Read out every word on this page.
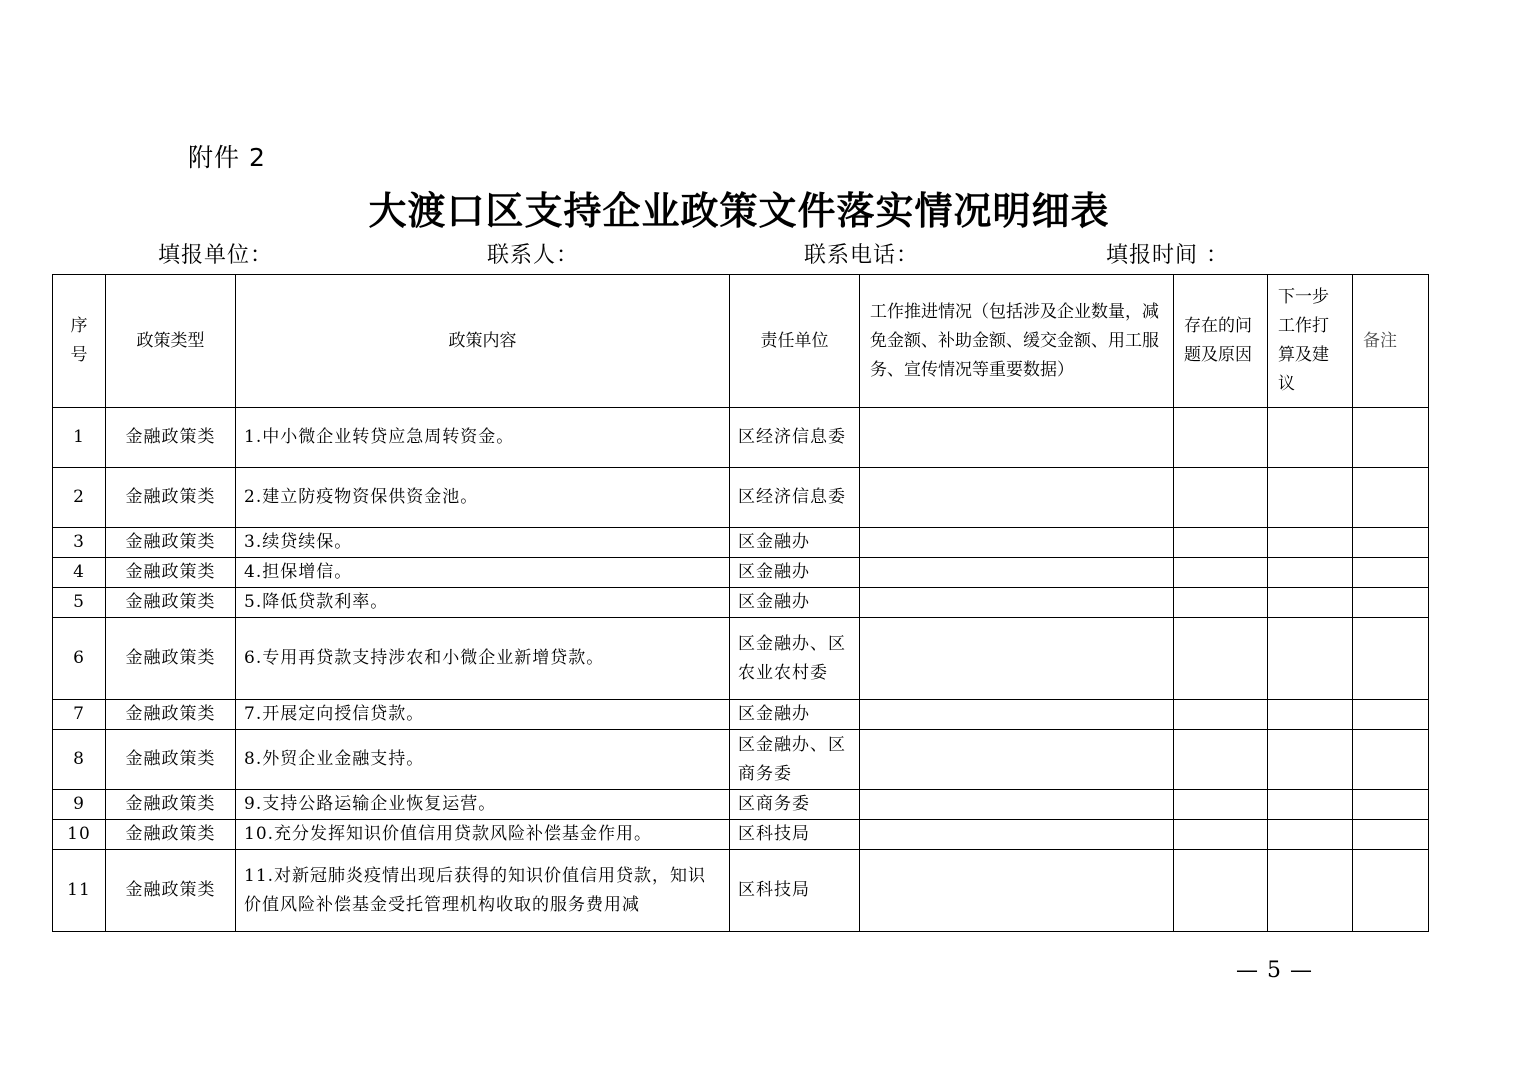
附件 2
大渡口区支持企业政策文件落实情况明细表
填报单位：	联系人：	联系电话：	填报时间 ：
序号	政策类型	政策内容	责任单位	工作推进情况（包括涉及企业数量，减免金额、补助金额、缓交金额、用工服务、宣传情况等重要数据）	存在的问题及原因	下一步工作打算及建议	备注
1	金融政策类	1.中小微企业转贷应急周转资金。	区经济信息委				
2	金融政策类	2.建立防疫物资保供资金池。	区经济信息委				
3	金融政策类	3.续贷续保。	区金融办				
4	金融政策类	4.担保增信。	区金融办				
5	金融政策类	5.降低贷款利率。	区金融办				
6	金融政策类	6.专用再贷款支持涉农和小微企业新增贷款。	区金融办、区农业农村委				
7	金融政策类	7.开展定向授信贷款。	区金融办				
8	金融政策类	8.外贸企业金融支持。	区金融办、区商务委				
9	金融政策类	9.支持公路运输企业恢复运营。	区商务委				
10	金融政策类	10.充分发挥知识价值信用贷款风险补偿基金作用。	区科技局				
11	金融政策类	11.对新冠肺炎疫情出现后获得的知识价值信用贷款，知识价值风险补偿基金受托管理机构收取的服务费用减	区科技局				
— 5 —
